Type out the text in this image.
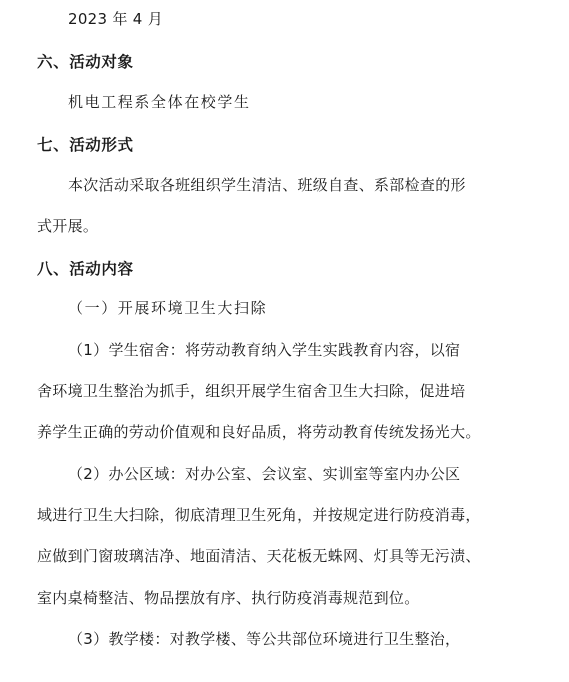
2023 年 4 月
六、活动对象
机电工程系全体在校学生
七、活动形式
本次活动采取各班组织学生清洁、班级自查、系部检查的形
式开展。
八、活动内容
（一）开展环境卫生大扫除
（1）学生宿舍：将劳动教育纳入学生实践教育内容，以宿
舍环境卫生整治为抓手，组织开展学生宿舍卫生大扫除，促进培
养学生正确的劳动价值观和良好品质，将劳动教育传统发扬光大。
（2）办公区域：对办公室、会议室、实训室等室内办公区
域进行卫生大扫除，彻底清理卫生死角，并按规定进行防疫消毒，
应做到门窗玻璃洁净、地面清洁、天花板无蛛网、灯具等无污渍、
室内桌椅整洁、物品摆放有序、执行防疫消毒规范到位。
（3）教学楼：对教学楼、等公共部位环境进行卫生整治，
